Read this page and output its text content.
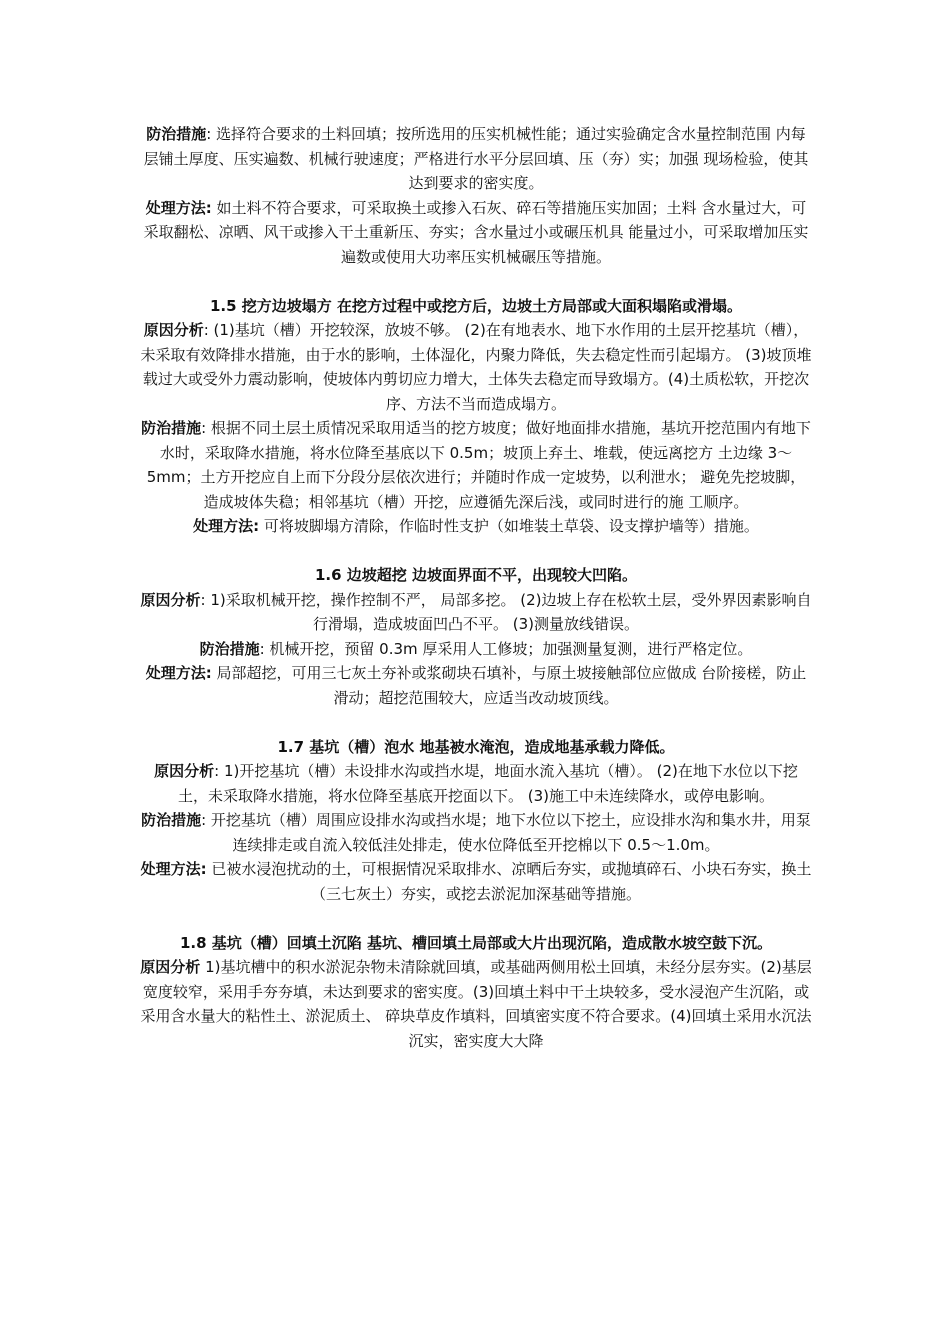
防治措施: 选择符合要求的土料回填；按所选用的压实机械性能；通过实验确定含水量控制范围 内每层铺土厚度、压实遍数、机械行驶速度；严格进行水平分层回填、压（夯）实；加强 现场检验，使其达到要求的密实度。

处理方法: 如土料不符合要求，可采取换土或掺入石灰、碎石等措施压实加固；土料 含水量过大，可采取翻松、凉晒、风干或掺入干土重新压、夯实；含水量过小或碾压机具 能量过小，可采取增加压实遍数或使用大功率压实机械碾压等措施。

1.5 挖方边坡塌方 在挖方过程中或挖方后，边坡土方局部或大面积塌陷或滑塌。

原因分析: (1)基坑（槽）开挖较深，放坡不够。 (2)在有地表水、地下水作用的土层开挖基坑（槽），未采取有效降排水措施，由于水的影响，土体湿化，内聚力降低，失去稳定性而引起塌方。 (3)坡顶堆载过大或受外力震动影响，使坡体内剪切应力增大，土体失去稳定而导致塌方。(4)土质松软，开挖次序、方法不当而造成塌方。

防治措施: 根据不同土层土质情况采取用适当的挖方坡度；做好地面排水措施，基坑开挖范围内有地下水时，采取降水措施，将水位降至基底以下 0.5m；坡顶上弃土、堆载，使远离挖方 土边缘 3～5mm；土方开挖应自上而下分段分层依次进行；并随时作成一定坡势，以利泄水； 避免先挖坡脚，造成坡体失稳；相邻基坑（槽）开挖，应遵循先深后浅，或同时进行的施 工顺序。

处理方法: 可将坡脚塌方清除，作临时性支护（如堆装土草袋、设支撑护墙等）措施。

1.6 边坡超挖 边坡面界面不平，出现较大凹陷。

原因分析: 1)采取机械开挖，操作控制不严， 局部多挖。 (2)边坡上存在松软土层，受外界因素影响自行滑塌，造成坡面凹凸不平。 (3)测量放线错误。

防治措施: 机械开挖，预留 0.3m 厚采用人工修坡；加强测量复测，进行严格定位。

处理方法: 局部超挖，可用三七灰土夯补或浆砌块石填补，与原土坡接触部位应做成 台阶接槎，防止滑动；超挖范围较大，应适当改动坡顶线。

1.7 基坑（槽）泡水 地基被水淹泡，造成地基承载力降低。

原因分析: 1)开挖基坑（槽）未设排水沟或挡水堤，地面水流入基坑（槽）。 (2)在地下水位以下挖土，未采取降水措施，将水位降至基底开挖面以下。 (3)施工中未连续降水，或停电影响。

防治措施: 开挖基坑（槽）周围应设排水沟或挡水堤；地下水位以下挖土，应设排水沟和集水井，用泵连续排走或自流入较低洼处排走，使水位降低至开挖棉以下 0.5～1.0m。

处理方法: 已被水浸泡扰动的土，可根据情况采取排水、凉晒后夯实，或抛填碎石、小块石夯实，换土（三七灰土）夯实，或挖去淤泥加深基础等措施。

1.8 基坑（槽）回填土沉陷 基坑、槽回填土局部或大片出现沉陷，造成散水坡空鼓下沉。

原因分析 1)基坑槽中的积水淤泥杂物未清除就回填，或基础两侧用松土回填，未经分层夯实。(2)基层宽度较窄，采用手夯夯填，未达到要求的密实度。(3)回填土料中干土块较多，受水浸泡产生沉陷，或采用含水量大的粘性土、淤泥质土、 碎块草皮作填料，回填密实度不符合要求。(4)回填土采用水沉法沉实，密实度大大降
